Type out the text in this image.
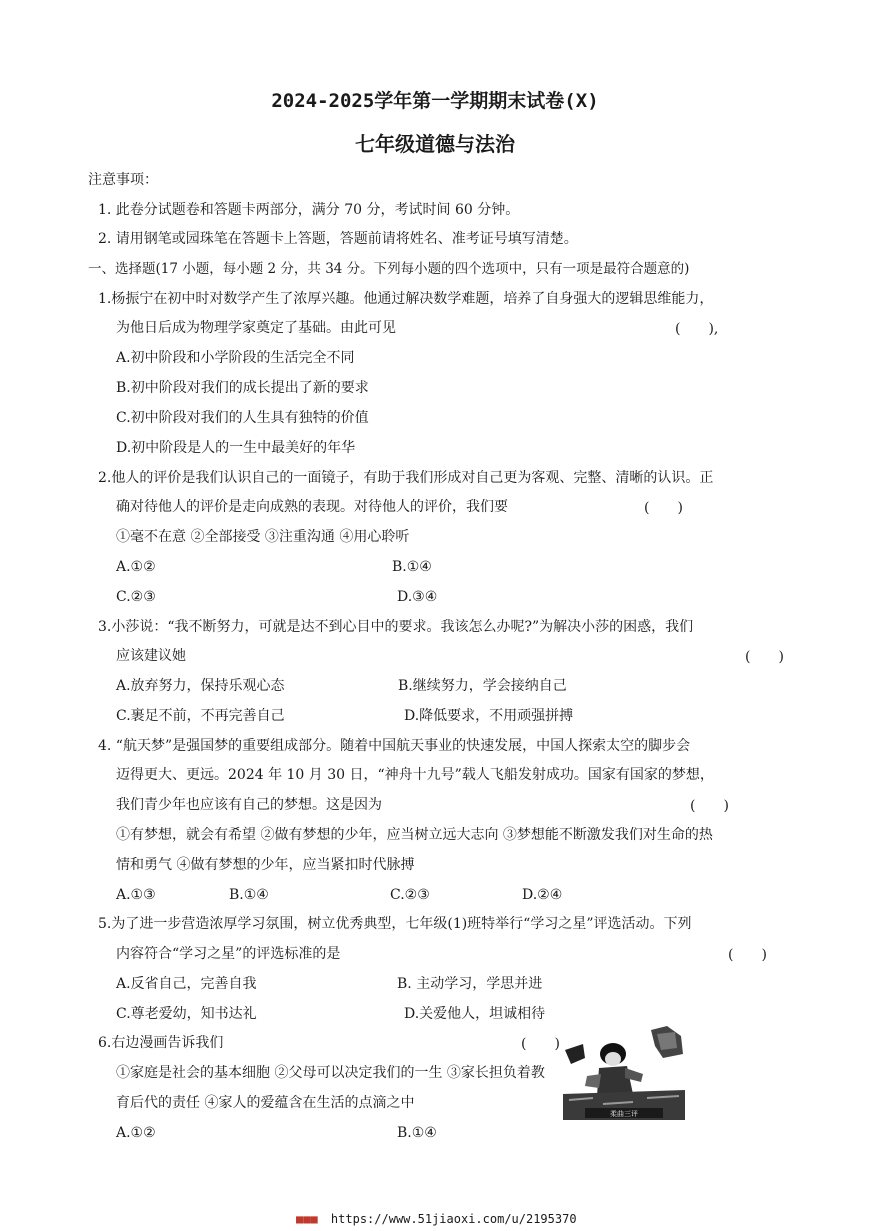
2024-2025学年第一学期期末试卷(X)
七年级道德与法治
注意事项：
1. 此卷分试题卷和答题卡两部分，满分 70 分，考试时间 60 分钟。
2. 请用钢笔或园珠笔在答题卡上答题，答题前请将姓名、准考证号填写清楚。
一、选择题(17 小题，每小题 2 分，共 34 分。下列每小题的四个选项中，只有一项是最符合题意的)
1.杨振宁在初中时对数学产生了浓厚兴趣。他通过解决数学难题，培养了自身强大的逻辑思维能力，
为他日后成为物理学家奠定了基础。由此可见	(　　),
A.初中阶段和小学阶段的生活完全不同
B.初中阶段对我们的成长提出了新的要求
C.初中阶段对我们的人生具有独特的价值
D.初中阶段是人的一生中最美好的年华
2.他人的评价是我们认识自己的一面镜子，有助于我们形成对自己更为客观、完整、清晰的认识。正
确对待他人的评价是走向成熟的表现。对待他人的评价，我们要	(　　)
①毫不在意 ②全部接受 ③注重沟通 ④用心聆听
A.①②	B.①④
C.②③	D.③④
3.小莎说：“我不断努力，可就是达不到心目中的要求。我该怎么办呢?”为解决小莎的困惑，我们
应该建议她	(　　)
A.放弃努力，保持乐观心态	B.继续努力，学会接纳自己
C.裹足不前，不再完善自己	D.降低要求，不用顽强拼搏
4. “航天梦”是强国梦的重要组成部分。随着中国航天事业的快速发展，中国人探索太空的脚步会
迈得更大、更远。2024 年 10 月 30 日，“神舟十九号”载人飞船发射成功。国家有国家的梦想，
我们青少年也应该有自己的梦想。这是因为	(　　)
①有梦想，就会有希望 ②做有梦想的少年，应当树立远大志向 ③梦想能不断激发我们对生命的热
情和勇气 ④做有梦想的少年，应当紧扣时代脉搏
A.①③	B.①④	C.②③	D.②④
5.为了进一步营造浓厚学习氛围，树立优秀典型，七年级(1)班特举行“学习之星”评选活动。下列
内容符合“学习之星”的评选标准的是	(　　)
A.反省自己，完善自我	B. 主动学习，学思并进
C.尊老爱幼，知书达礼	D.关爱他人，坦诚相待
6.右边漫画告诉我们	(　　)
①家庭是社会的基本细胞 ②父母可以决定我们的一生 ③家长担负着教
育后代的责任 ④家人的爱蕴含在生活的点滴之中
A.①②	B.①④
柔曲三评
■■■ https://www.51jiaoxi.com/u/2195370
